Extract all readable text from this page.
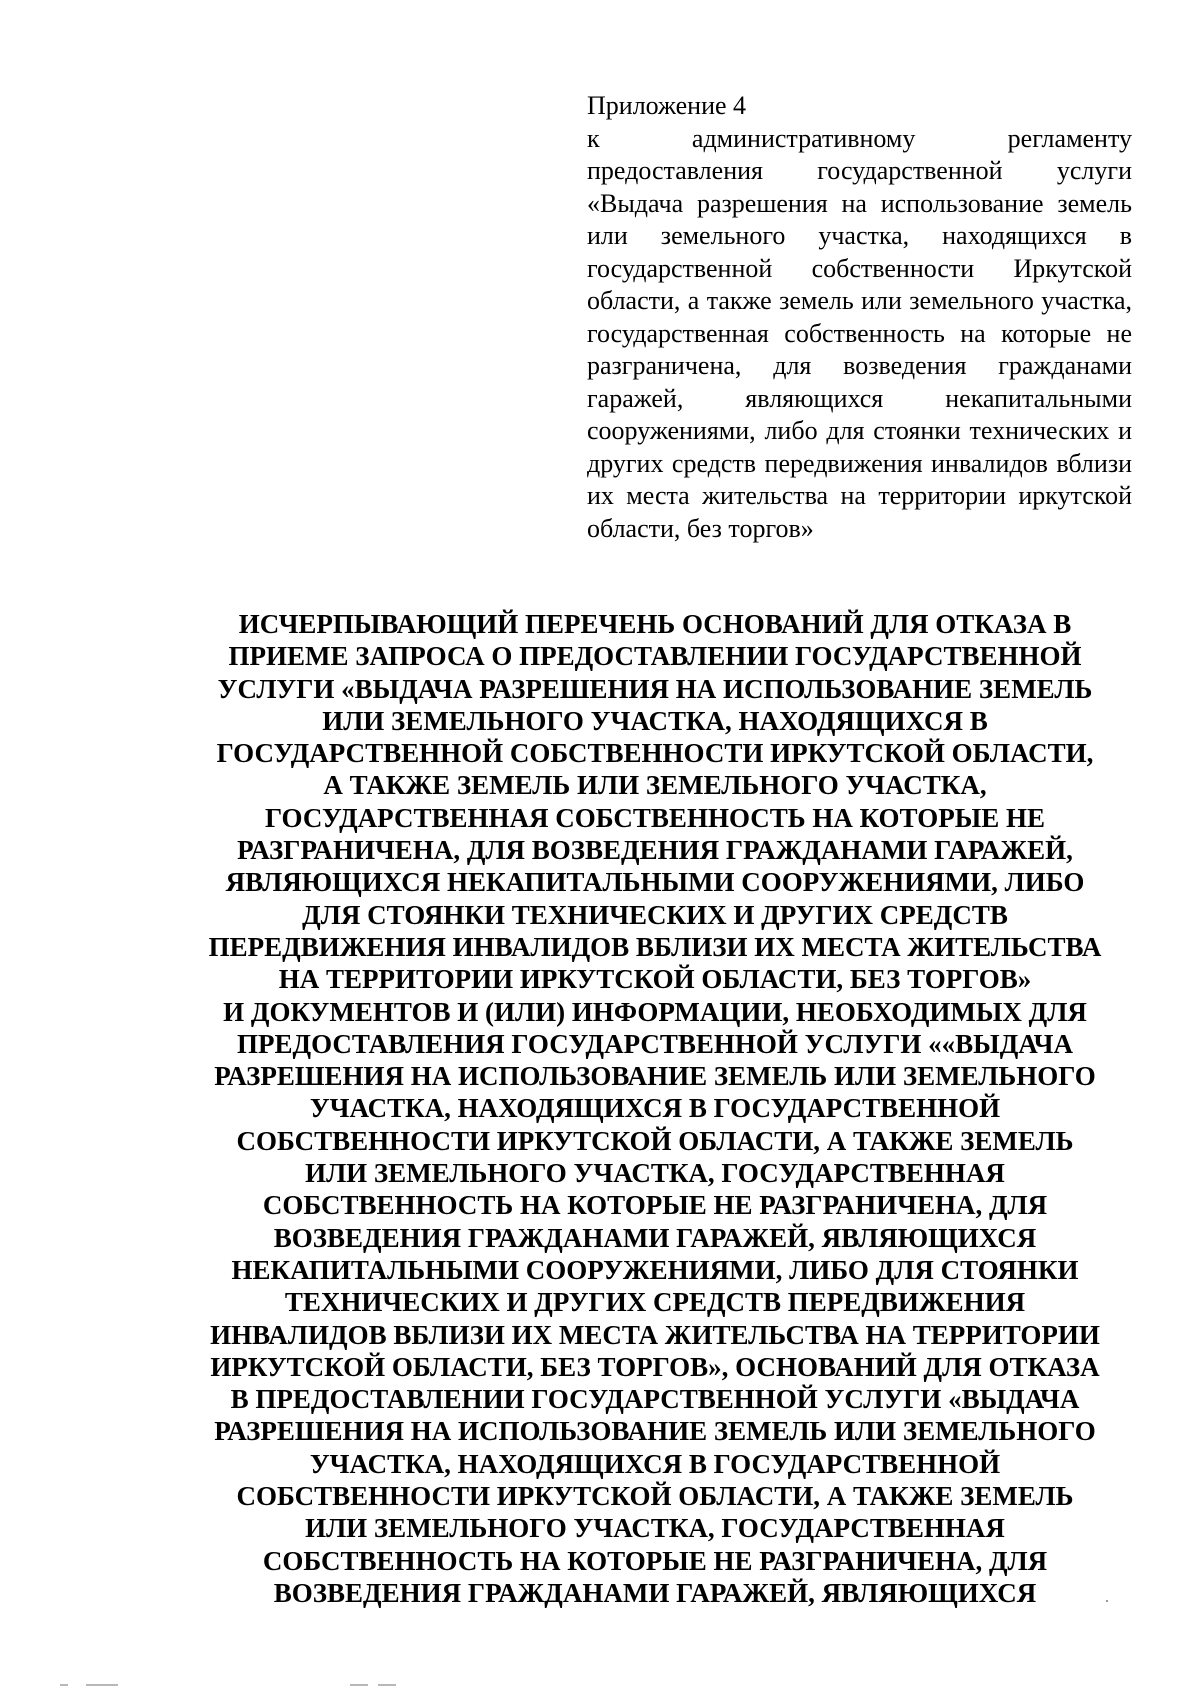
Приложение 4

к административному регламенту предоставления государственной услуги «Выдача разрешения на использование земель или земельного участка, находящихся в государственной собственности Иркутской области, а также земель или земельного участка, государственная собственность на которые не разграничена, для возведения гражданами гаражей, являющихся некапитальными сооружениями, либо для стоянки технических и других средств передвижения инвалидов вблизи их места жительства на территории иркутской области, без торгов»

ИСЧЕРПЫВАЮЩИЙ ПЕРЕЧЕНЬ ОСНОВАНИЙ ДЛЯ ОТКАЗА В
ПРИЕМЕ ЗАПРОСА О ПРЕДОСТАВЛЕНИИ ГОСУДАРСТВЕННОЙ
УСЛУГИ «ВЫДАЧА РАЗРЕШЕНИЯ НА ИСПОЛЬЗОВАНИЕ ЗЕМЕЛЬ
ИЛИ ЗЕМЕЛЬНОГО УЧАСТКА, НАХОДЯЩИХСЯ В
ГОСУДАРСТВЕННОЙ СОБСТВЕННОСТИ ИРКУТСКОЙ ОБЛАСТИ,
А ТАКЖЕ ЗЕМЕЛЬ ИЛИ ЗЕМЕЛЬНОГО УЧАСТКА,
ГОСУДАРСТВЕННАЯ СОБСТВЕННОСТЬ НА КОТОРЫЕ НЕ
РАЗГРАНИЧЕНА, ДЛЯ ВОЗВЕДЕНИЯ ГРАЖДАНАМИ ГАРАЖЕЙ,
ЯВЛЯЮЩИХСЯ НЕКАПИТАЛЬНЫМИ СООРУЖЕНИЯМИ, ЛИБО
ДЛЯ СТОЯНКИ ТЕХНИЧЕСКИХ И ДРУГИХ СРЕДСТВ
ПЕРЕДВИЖЕНИЯ ИНВАЛИДОВ ВБЛИЗИ ИХ МЕСТА ЖИТЕЛЬСТВА
НА ТЕРРИТОРИИ ИРКУТСКОЙ ОБЛАСТИ, БЕЗ ТОРГОВ»
И ДОКУМЕНТОВ И (ИЛИ) ИНФОРМАЦИИ, НЕОБХОДИМЫХ ДЛЯ
ПРЕДОСТАВЛЕНИЯ ГОСУДАРСТВЕННОЙ УСЛУГИ ««ВЫДАЧА
РАЗРЕШЕНИЯ НА ИСПОЛЬЗОВАНИЕ ЗЕМЕЛЬ ИЛИ ЗЕМЕЛЬНОГО
УЧАСТКА, НАХОДЯЩИХСЯ В ГОСУДАРСТВЕННОЙ
СОБСТВЕННОСТИ ИРКУТСКОЙ ОБЛАСТИ, А ТАКЖЕ ЗЕМЕЛЬ
ИЛИ ЗЕМЕЛЬНОГО УЧАСТКА, ГОСУДАРСТВЕННАЯ
СОБСТВЕННОСТЬ НА КОТОРЫЕ НЕ РАЗГРАНИЧЕНА, ДЛЯ
ВОЗВЕДЕНИЯ ГРАЖДАНАМИ ГАРАЖЕЙ, ЯВЛЯЮЩИХСЯ
НЕКАПИТАЛЬНЫМИ СООРУЖЕНИЯМИ, ЛИБО ДЛЯ СТОЯНКИ
ТЕХНИЧЕСКИХ И ДРУГИХ СРЕДСТВ ПЕРЕДВИЖЕНИЯ
ИНВАЛИДОВ ВБЛИЗИ ИХ МЕСТА ЖИТЕЛЬСТВА НА ТЕРРИТОРИИ
ИРКУТСКОЙ ОБЛАСТИ, БЕЗ ТОРГОВ», ОСНОВАНИЙ ДЛЯ ОТКАЗА
В ПРЕДОСТАВЛЕНИИ ГОСУДАРСТВЕННОЙ УСЛУГИ «ВЫДАЧА
РАЗРЕШЕНИЯ НА ИСПОЛЬЗОВАНИЕ ЗЕМЕЛЬ ИЛИ ЗЕМЕЛЬНОГО
УЧАСТКА, НАХОДЯЩИХСЯ В ГОСУДАРСТВЕННОЙ
СОБСТВЕННОСТИ ИРКУТСКОЙ ОБЛАСТИ, А ТАКЖЕ ЗЕМЕЛЬ
ИЛИ ЗЕМЕЛЬНОГО УЧАСТКА, ГОСУДАРСТВЕННАЯ
СОБСТВЕННОСТЬ НА КОТОРЫЕ НЕ РАЗГРАНИЧЕНА, ДЛЯ
ВОЗВЕДЕНИЯ ГРАЖДАНАМИ ГАРАЖЕЙ, ЯВЛЯЮЩИХСЯ
